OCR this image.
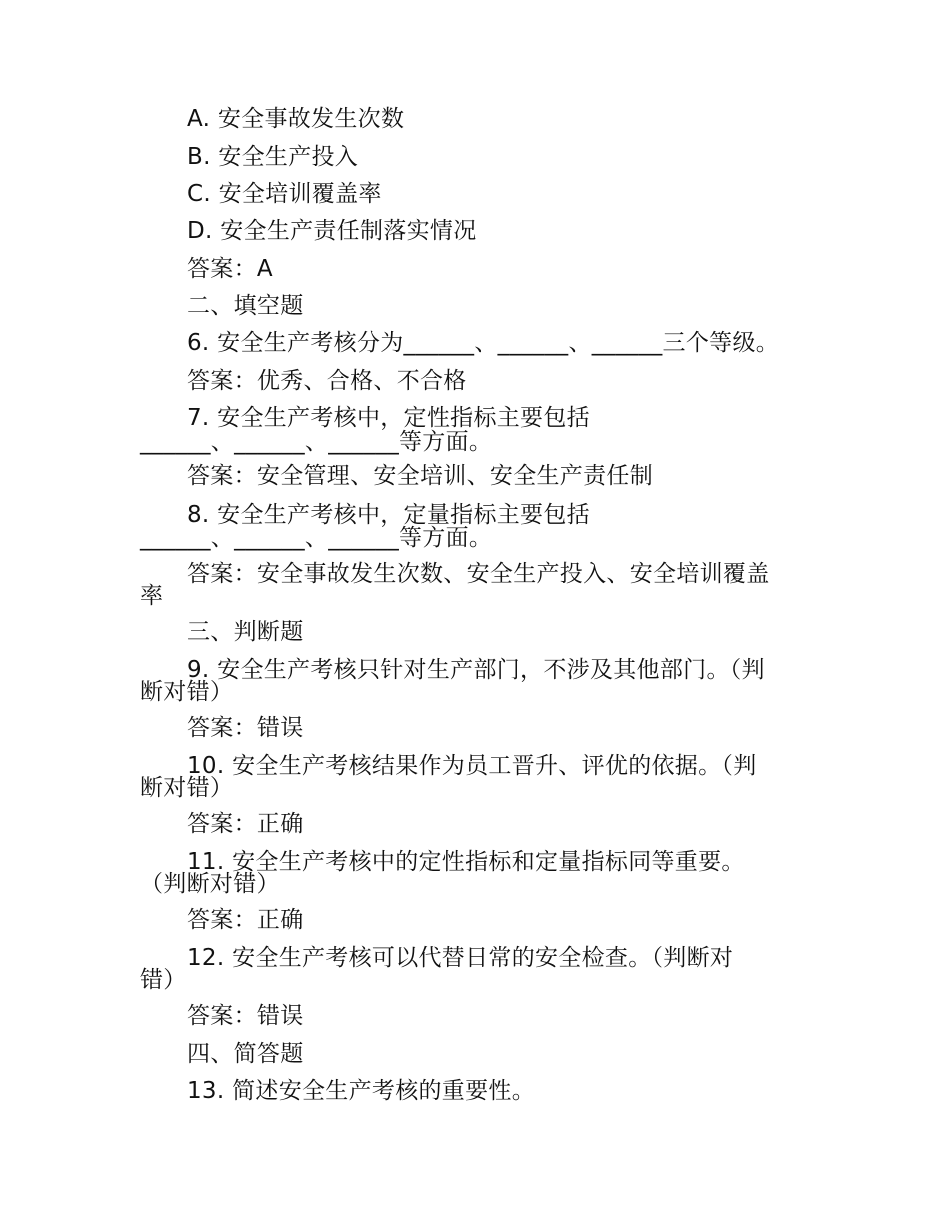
A. 安全事故发生次数
B. 安全生产投入
C. 安全培训覆盖率
D. 安全生产责任制落实情况
答案：A
二、填空题
6. 安全生产考核分为______、______、______三个等级。
答案：优秀、合格、不合格
7. 安全生产考核中，定性指标主要包括
______、______、______等方面。
答案：安全管理、安全培训、安全生产责任制
8. 安全生产考核中，定量指标主要包括
______、______、______等方面。
答案：安全事故发生次数、安全生产投入、安全培训覆盖
率
三、判断题
9. 安全生产考核只针对生产部门，不涉及其他部门。（判
断对错）
答案：错误
10. 安全生产考核结果作为员工晋升、评优的依据。（判
断对错）
答案：正确
11. 安全生产考核中的定性指标和定量指标同等重要。
（判断对错）
答案：正确
12. 安全生产考核可以代替日常的安全检查。（判断对
错）
答案：错误
四、简答题
13. 简述安全生产考核的重要性。
